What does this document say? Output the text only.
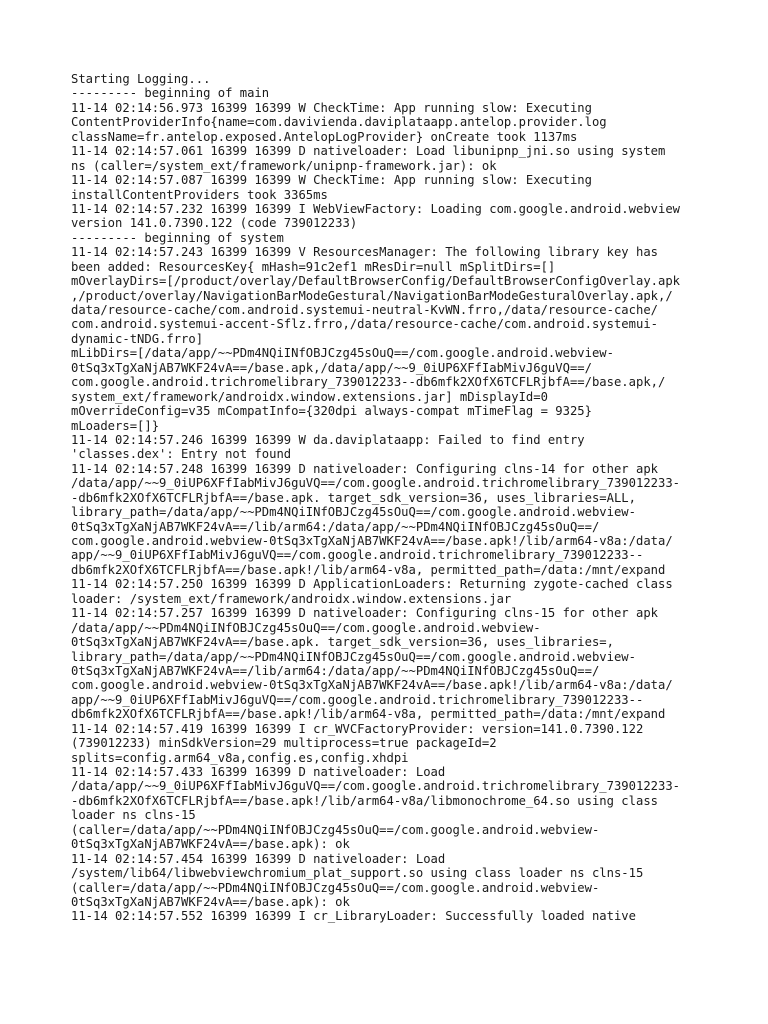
Starting Logging...
--------- beginning of main
11-14 02:14:56.973 16399 16399 W CheckTime: App running slow: Executing
ContentProviderInfo{name=com.davivienda.daviplataapp.antelop.provider.log
className=fr.antelop.exposed.AntelopLogProvider} onCreate took 1137ms
11-14 02:14:57.061 16399 16399 D nativeloader: Load libunipnp_jni.so using system
ns (caller=/system_ext/framework/unipnp-framework.jar): ok
11-14 02:14:57.087 16399 16399 W CheckTime: App running slow: Executing
installContentProviders took 3365ms
11-14 02:14:57.232 16399 16399 I WebViewFactory: Loading com.google.android.webview
version 141.0.7390.122 (code 739012233)
--------- beginning of system
11-14 02:14:57.243 16399 16399 V ResourcesManager: The following library key has
been added: ResourcesKey{ mHash=91c2ef1 mResDir=null mSplitDirs=[]
mOverlayDirs=[/product/overlay/DefaultBrowserConfig/DefaultBrowserConfigOverlay.apk
,/product/overlay/NavigationBarModeGestural/NavigationBarModeGesturalOverlay.apk,/
data/resource-cache/com.android.systemui-neutral-KvWN.frro,/data/resource-cache/
com.android.systemui-accent-Sflz.frro,/data/resource-cache/com.android.systemui-
dynamic-tNDG.frro]
mLibDirs=[/data/app/~~PDm4NQiINfOBJCzg45sOuQ==/com.google.android.webview-
0tSq3xTgXaNjAB7WKF24vA==/base.apk,/data/app/~~9_0iUP6XFfIabMivJ6guVQ==/
com.google.android.trichromelibrary_739012233--db6mfk2XOfX6TCFLRjbfA==/base.apk,/
system_ext/framework/androidx.window.extensions.jar] mDisplayId=0
mOverrideConfig=v35 mCompatInfo={320dpi always-compat mTimeFlag = 9325}
mLoaders=[]}
11-14 02:14:57.246 16399 16399 W da.daviplataapp: Failed to find entry
'classes.dex': Entry not found
11-14 02:14:57.248 16399 16399 D nativeloader: Configuring clns-14 for other apk
/data/app/~~9_0iUP6XFfIabMivJ6guVQ==/com.google.android.trichromelibrary_739012233-
-db6mfk2XOfX6TCFLRjbfA==/base.apk. target_sdk_version=36, uses_libraries=ALL,
library_path=/data/app/~~PDm4NQiINfOBJCzg45sOuQ==/com.google.android.webview-
0tSq3xTgXaNjAB7WKF24vA==/lib/arm64:/data/app/~~PDm4NQiINfOBJCzg45sOuQ==/
com.google.android.webview-0tSq3xTgXaNjAB7WKF24vA==/base.apk!/lib/arm64-v8a:/data/
app/~~9_0iUP6XFfIabMivJ6guVQ==/com.google.android.trichromelibrary_739012233--
db6mfk2XOfX6TCFLRjbfA==/base.apk!/lib/arm64-v8a, permitted_path=/data:/mnt/expand
11-14 02:14:57.250 16399 16399 D ApplicationLoaders: Returning zygote-cached class
loader: /system_ext/framework/androidx.window.extensions.jar
11-14 02:14:57.257 16399 16399 D nativeloader: Configuring clns-15 for other apk
/data/app/~~PDm4NQiINfOBJCzg45sOuQ==/com.google.android.webview-
0tSq3xTgXaNjAB7WKF24vA==/base.apk. target_sdk_version=36, uses_libraries=,
library_path=/data/app/~~PDm4NQiINfOBJCzg45sOuQ==/com.google.android.webview-
0tSq3xTgXaNjAB7WKF24vA==/lib/arm64:/data/app/~~PDm4NQiINfOBJCzg45sOuQ==/
com.google.android.webview-0tSq3xTgXaNjAB7WKF24vA==/base.apk!/lib/arm64-v8a:/data/
app/~~9_0iUP6XFfIabMivJ6guVQ==/com.google.android.trichromelibrary_739012233--
db6mfk2XOfX6TCFLRjbfA==/base.apk!/lib/arm64-v8a, permitted_path=/data:/mnt/expand
11-14 02:14:57.419 16399 16399 I cr_WVCFactoryProvider: version=141.0.7390.122
(739012233) minSdkVersion=29 multiprocess=true packageId=2
splits=config.arm64_v8a,config.es,config.xhdpi
11-14 02:14:57.433 16399 16399 D nativeloader: Load
/data/app/~~9_0iUP6XFfIabMivJ6guVQ==/com.google.android.trichromelibrary_739012233-
-db6mfk2XOfX6TCFLRjbfA==/base.apk!/lib/arm64-v8a/libmonochrome_64.so using class
loader ns clns-15
(caller=/data/app/~~PDm4NQiINfOBJCzg45sOuQ==/com.google.android.webview-
0tSq3xTgXaNjAB7WKF24vA==/base.apk): ok
11-14 02:14:57.454 16399 16399 D nativeloader: Load
/system/lib64/libwebviewchromium_plat_support.so using class loader ns clns-15
(caller=/data/app/~~PDm4NQiINfOBJCzg45sOuQ==/com.google.android.webview-
0tSq3xTgXaNjAB7WKF24vA==/base.apk): ok
11-14 02:14:57.552 16399 16399 I cr_LibraryLoader: Successfully loaded native
